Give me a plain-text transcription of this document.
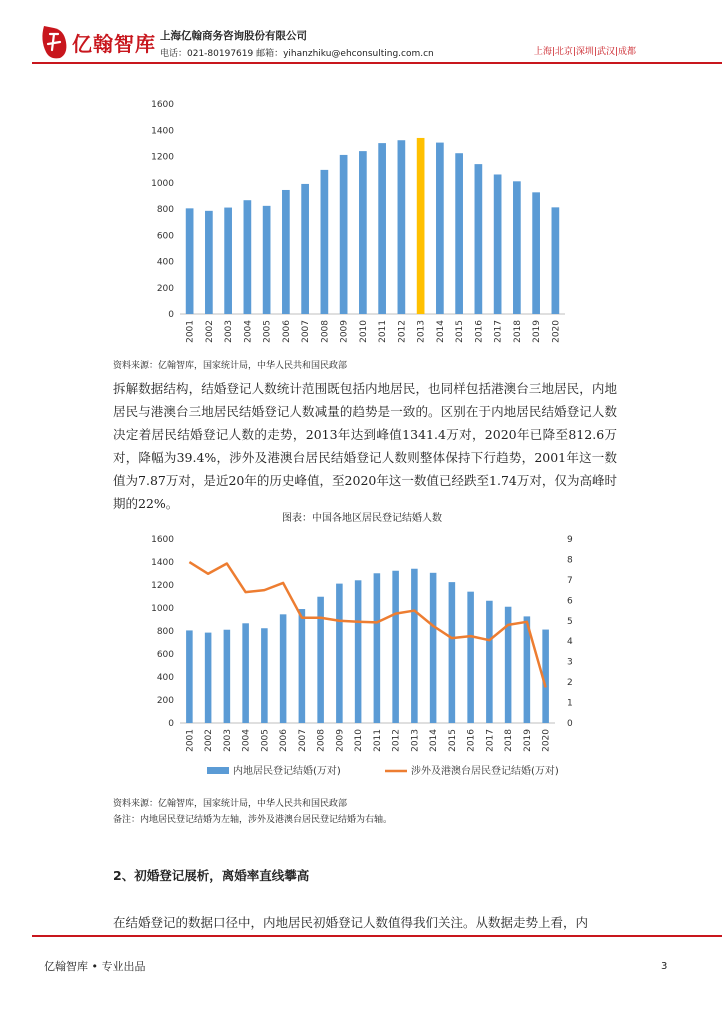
亿翰智库 上海亿翰商务咨询股份有限公司
电话：021-80197619 邮箱：yihanzhiku@ehconsulting.com.cn	上海|北京|深圳|武汉|成都
0
200
400
600
800
1000
1200
1400
1600
2001 2002 2003 2004 2005 2006 2007 2008 2009 2010 2011 2012 2013 2014 2015 2016 2017 2018 2019 2020
资料来源：亿翰智库，国家统计局，中华人民共和国民政部
拆解数据结构，结婚登记人数统计范围既包括内地居民，也同样包括港澳台三地居民，内地居民与港澳台三地居民结婚登记人数减量的趋势是一致的。区别在于内地居民结婚登记人数决定着居民结婚登记人数的走势，2013年达到峰值1341.4万对，2020年已降至812.6万对，降幅为39.4%，涉外及港澳台居民结婚登记人数则整体保持下行趋势，2001年这一数值为7.87万对，是近20年的历史峰值，至2020年这一数值已经跌至1.74万对，仅为高峰时期的22%。
图表：中国各地区居民登记结婚人数
0
200
400
600
800
1000
1200
1400
1600
0
1
2
3
4
5
6
7
8
9
2001 2002 2003 2004 2005 2006 2007 2008 2009 2010 2011 2012 2013 2014 2015 2016 2017 2018 2019 2020
内地居民登记结婚(万对)	涉外及港澳台居民登记结婚(万对)
资料来源：亿翰智库，国家统计局，中华人民共和国民政部
备注：内地居民登记结婚为左轴，涉外及港澳台居民登记结婚为右轴。
2、初婚登记展析，离婚率直线攀高
在结婚登记的数据口径中，内地居民初婚登记人数值得我们关注。从数据走势上看，内
亿翰智库 • 专业出品	3
